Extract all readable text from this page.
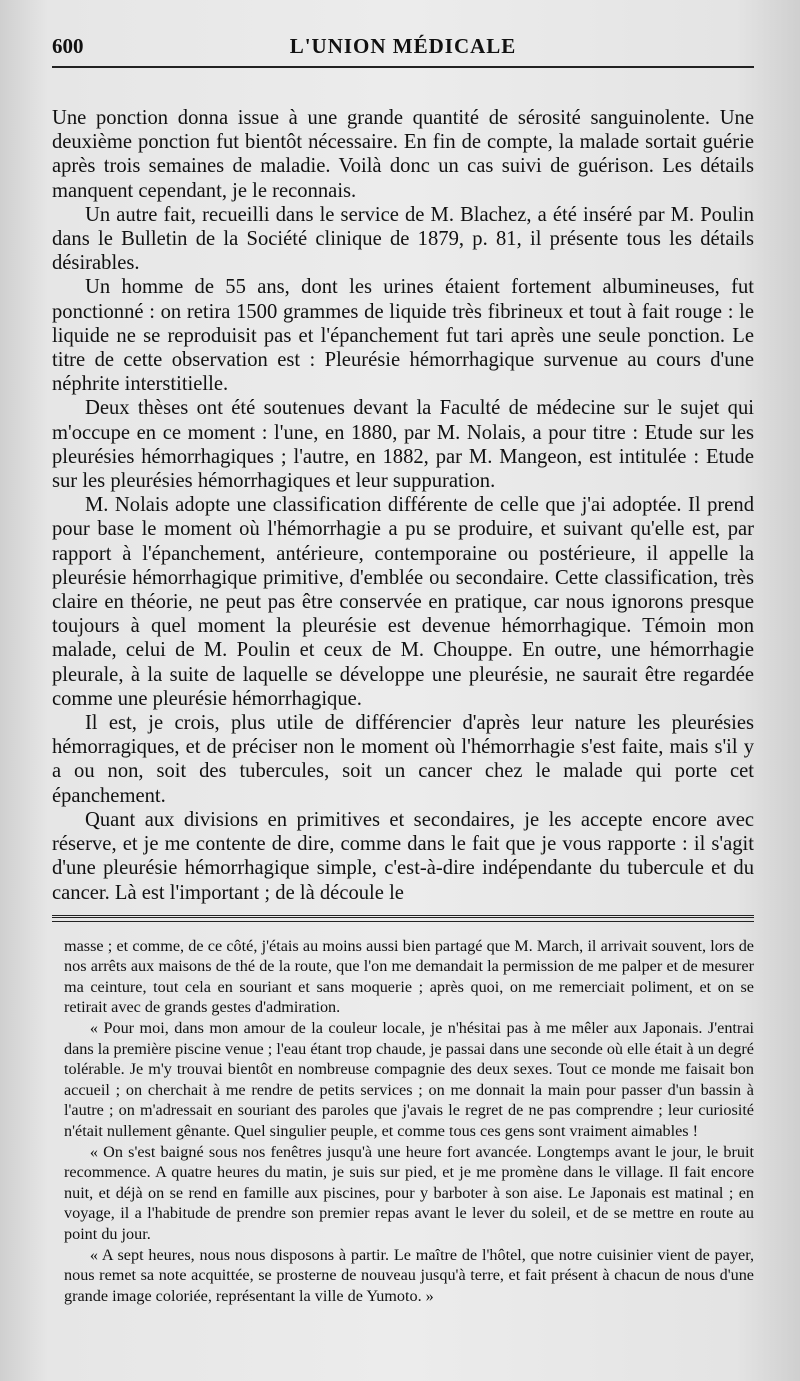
600	L'UNION MÉDICALE

Une ponction donna issue à une grande quantité de sérosité sanguinolente. Une deuxième ponction fut bientôt nécessaire. En fin de compte, la malade sortait guérie après trois semaines de maladie. Voilà donc un cas suivi de guérison. Les détails manquent cependant, je le reconnais.

Un autre fait, recueilli dans le service de M. Blachez, a été inséré par M. Poulin dans le Bulletin de la Société clinique de 1879, p. 81, il présente tous les détails désirables.

Un homme de 55 ans, dont les urines étaient fortement albumineuses, fut ponctionné : on retira 1500 grammes de liquide très fibrineux et tout à fait rouge : le liquide ne se reproduisit pas et l'épanchement fut tari après une seule ponction. Le titre de cette observation est : Pleurésie hémorrhagique survenue au cours d'une néphrite interstitielle.

Deux thèses ont été soutenues devant la Faculté de médecine sur le sujet qui m'occupe en ce moment : l'une, en 1880, par M. Nolais, a pour titre : Etude sur les pleurésies hémorrhagiques ; l'autre, en 1882, par M. Mangeon, est intitulée : Etude sur les pleurésies hémorrhagiques et leur suppuration.

M. Nolais adopte une classification différente de celle que j'ai adoptée. Il prend pour base le moment où l'hémorrhagie a pu se produire, et suivant qu'elle est, par rapport à l'épanchement, antérieure, contemporaine ou postérieure, il appelle la pleurésie hémorrhagique primitive, d'emblée ou secondaire. Cette classification, très claire en théorie, ne peut pas être conservée en pratique, car nous ignorons presque toujours à quel moment la pleurésie est devenue hémorrhagique. Témoin mon malade, celui de M. Poulin et ceux de M. Chouppe. En outre, une hémorrhagie pleurale, à la suite de laquelle se développe une pleurésie, ne saurait être regardée comme une pleurésie hémorrhagique.

Il est, je crois, plus utile de différencier d'après leur nature les pleurésies hémorragiques, et de préciser non le moment où l'hémorrhagie s'est faite, mais s'il y a ou non, soit des tubercules, soit un cancer chez le malade qui porte cet épanchement.

Quant aux divisions en primitives et secondaires, je les accepte encore avec réserve, et je me contente de dire, comme dans le fait que je vous rapporte : il s'agit d'une pleurésie hémorrhagique simple, c'est-à-dire indépendante du tubercule et du cancer. Là est l'important ; de là découle le

masse ; et comme, de ce côté, j'étais au moins aussi bien partagé que M. March, il arrivait souvent, lors de nos arrêts aux maisons de thé de la route, que l'on me demandait la permission de me palper et de mesurer ma ceinture, tout cela en souriant et sans moquerie ; après quoi, on me remerciait poliment, et on se retirait avec de grands gestes d'admiration.

« Pour moi, dans mon amour de la couleur locale, je n'hésitai pas à me mêler aux Japonais. J'entrai dans la première piscine venue ; l'eau étant trop chaude, je passai dans une seconde où elle était à un degré tolérable. Je m'y trouvai bientôt en nombreuse compagnie des deux sexes. Tout ce monde me faisait bon accueil ; on cherchait à me rendre de petits services ; on me donnait la main pour passer d'un bassin à l'autre ; on m'adressait en souriant des paroles que j'avais le regret de ne pas comprendre ; leur curiosité n'était nullement gênante. Quel singulier peuple, et comme tous ces gens sont vraiment aimables !

« On s'est baigné sous nos fenêtres jusqu'à une heure fort avancée. Longtemps avant le jour, le bruit recommence. A quatre heures du matin, je suis sur pied, et je me promène dans le village. Il fait encore nuit, et déjà on se rend en famille aux piscines, pour y barboter à son aise. Le Japonais est matinal ; en voyage, il a l'habitude de prendre son premier repas avant le lever du soleil, et de se mettre en route au point du jour.

« A sept heures, nous nous disposons à partir. Le maître de l'hôtel, que notre cuisinier vient de payer, nous remet sa note acquittée, se prosterne de nouveau jusqu'à terre, et fait présent à chacun de nous d'une grande image coloriée, représentant la ville de Yumoto. »
